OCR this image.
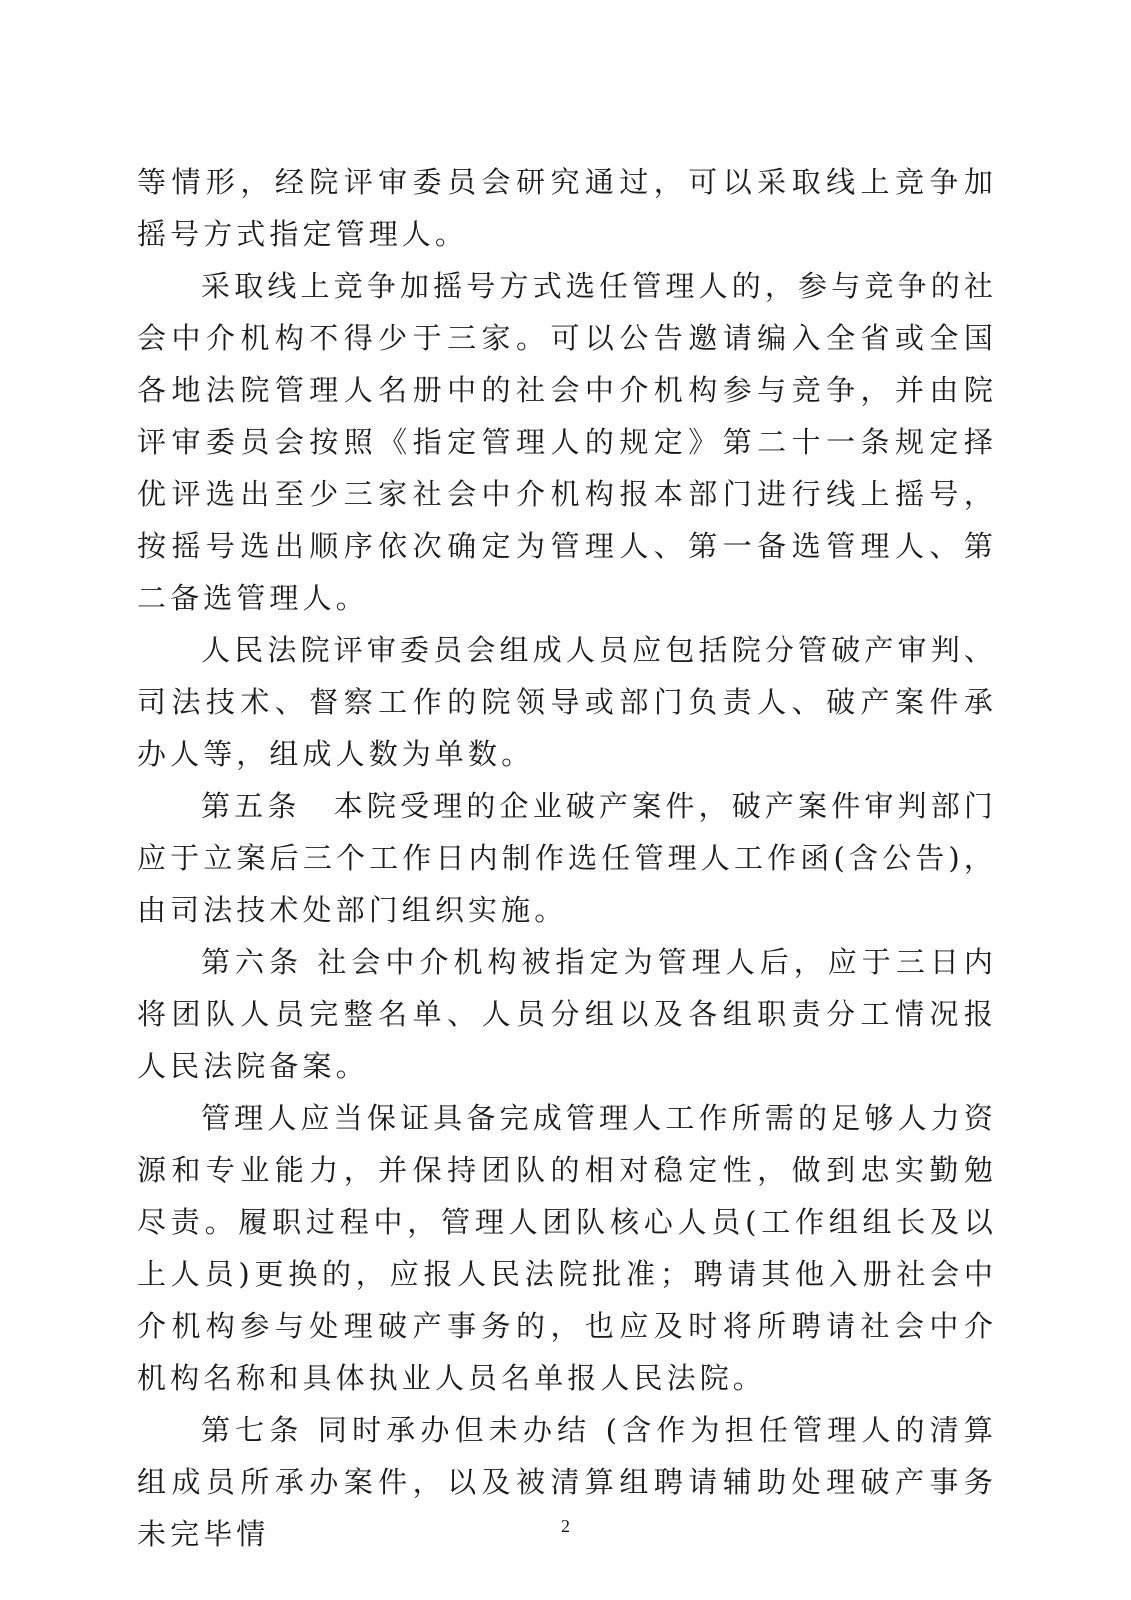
等情形，经院评审委员会研究通过，可以采取线上竞争加摇号方式指定管理人。

采取线上竞争加摇号方式选任管理人的，参与竞争的社会中介机构不得少于三家。可以公告邀请编入全省或全国各地法院管理人名册中的社会中介机构参与竞争，并由院评审委员会按照《指定管理人的规定》第二十一条规定择优评选出至少三家社会中介机构报本部门进行线上摇号，按摇号选出顺序依次确定为管理人、第一备选管理人、第二备选管理人。

人民法院评审委员会组成人员应包括院分管破产审判、司法技术、督察工作的院领导或部门负责人、破产案件承办人等，组成人数为单数。

第五条　本院受理的企业破产案件，破产案件审判部门应于立案后三个工作日内制作选任管理人工作函(含公告)，由司法技术处部门组织实施。

第六条 社会中介机构被指定为管理人后，应于三日内将团队人员完整名单、人员分组以及各组职责分工情况报人民法院备案。

管理人应当保证具备完成管理人工作所需的足够人力资源和专业能力，并保持团队的相对稳定性，做到忠实勤勉尽责。履职过程中，管理人团队核心人员(工作组组长及以上人员)更换的，应报人民法院批准；聘请其他入册社会中介机构参与处理破产事务的，也应及时将所聘请社会中介机构名称和具体执业人员名单报人民法院。

第七条 同时承办但未办结 (含作为担任管理人的清算组成员所承办案件，以及被清算组聘请辅助处理破产事务未完毕情	2
